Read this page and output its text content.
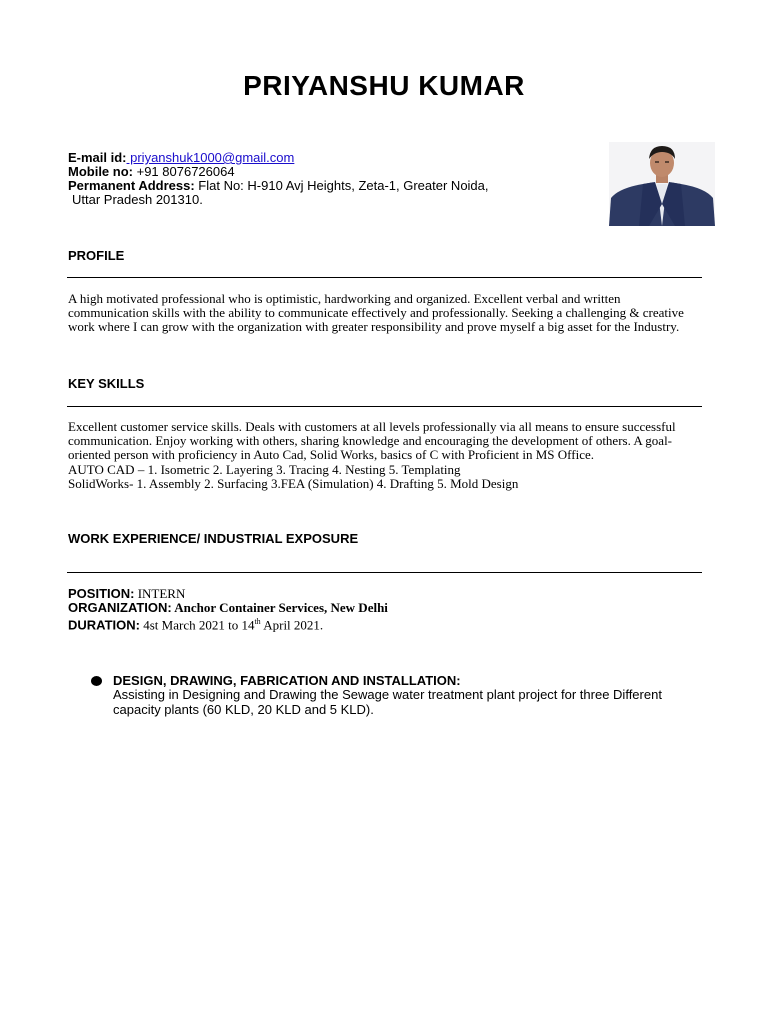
PRIYANSHU KUMAR
E-mail id: priyanshuk1000@gmail.com
Mobile no: +91 8076726064
Permanent Address: Flat No: H-910 Avj Heights, Zeta-1, Greater Noida,
Uttar Pradesh 201310.
PROFILE
A high motivated professional who is optimistic, hardworking and organized. Excellent verbal and written communication skills with the ability to communicate effectively and professionally. Seeking a challenging & creative work where I can grow with the organization with greater responsibility and prove myself a big asset for the Industry.
KEY SKILLS
Excellent customer service skills. Deals with customers at all levels professionally via all means to ensure successful communication. Enjoy working with others, sharing knowledge and encouraging the development of others. A goal-oriented person with proficiency in Auto Cad, Solid Works, basics of C with Proficient in MS Office.
AUTO CAD – 1. Isometric 2. Layering 3. Tracing 4. Nesting 5. Templating
SolidWorks- 1. Assembly 2. Surfacing 3.FEA (Simulation) 4. Drafting 5. Mold Design
WORK EXPERIENCE/ INDUSTRIAL EXPOSURE
POSITION: INTERN
ORGANIZATION: Anchor Container Services, New Delhi
DURATION: 4st March 2021 to 14th April 2021.
DESIGN, DRAWING, FABRICATION AND INSTALLATION:
Assisting in Designing and Drawing the Sewage water treatment plant project for three Different capacity plants (60 KLD, 20 KLD and 5 KLD).
